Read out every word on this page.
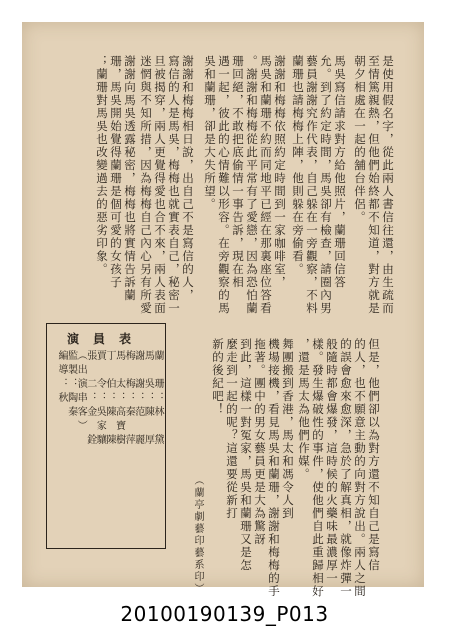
是使用假名字，從此兩人書信往還，由生疏而
至情篤親熱，但他們始終都不知道，對方就是
朝夕相處在一起的舖台伴侶。
馬吳寫信請求對方給他照片，蘭珊回信答
允。到了約定時間，馬吳卻有檢查，請圈內男
藝員謝謝究作代表，自己躲在一旁觀察，不料
蘭珊也請梅梅上陣，他則躲在旁偷看。
謝謝和梅梅依照約定時間到一家咖啡室，
馬吳和蘭珊不約而同地平已經在那裏座位答看
。謝謝和梅梅從此平常有了愛戀，因為恐怕蘭
珊回絕，不敢把底偷情一事告訴，現在相
遇一起，彼此的心情難以形容。在旁觀察的馬
吳和蘭珊，卻是大失所望。
謝謝和梅梅相日說，出自己不是寫信的人，
寫信的人是馬吳，梅梅也就實表自己，秘密一
旦被揭穿，兩人更覺得愛也合不來，兩人表面
迷惘與不知所措，因為梅梅自己內心另有所愛
謝謝向馬吳透露秘密，梅梅也將實情告訴蘭
珊，馬吳開始覺得蘭珊是個可愛的女孩子
；蘭珊對馬吳也改變過去的惡劣印象。
但是，他們卻以為對方還不知自己是寫信
的人，也不願意主動的向對方說出。兩人之間
的誤會愈來愈深，急於了解真相，就像炸彈一
般隨時都會爆發，這時候的火藥味最濃厚一
樣。發生爆破性的事件，使他們自此重歸相好
，還是馬太為他們作媒。
舞團搬到香港，馬太和馮令人到
機場接機，看見馬吳和蘭珊，謝謝和梅梅的手
拖著。團中的男女藝員更是大為驚訝
到此，這樣一對冤家，馬吳和蘭珊又是怎
麼走到一起的呢？這還要從新打
新的後紀吧！
（蘭亭劇藝印藝系印）
演員表
蘭　珊：林　黛
馬　吳：陳　厚
謝　謝：范　麗
梅　梅：秦　萍
馬　太：高寶樹
丁　伯：陳　陳
賈　令：吳家驤
張　二：金　銓
（出演串客）
監製：陶秦
編導：秋　　
20100190139_P013
